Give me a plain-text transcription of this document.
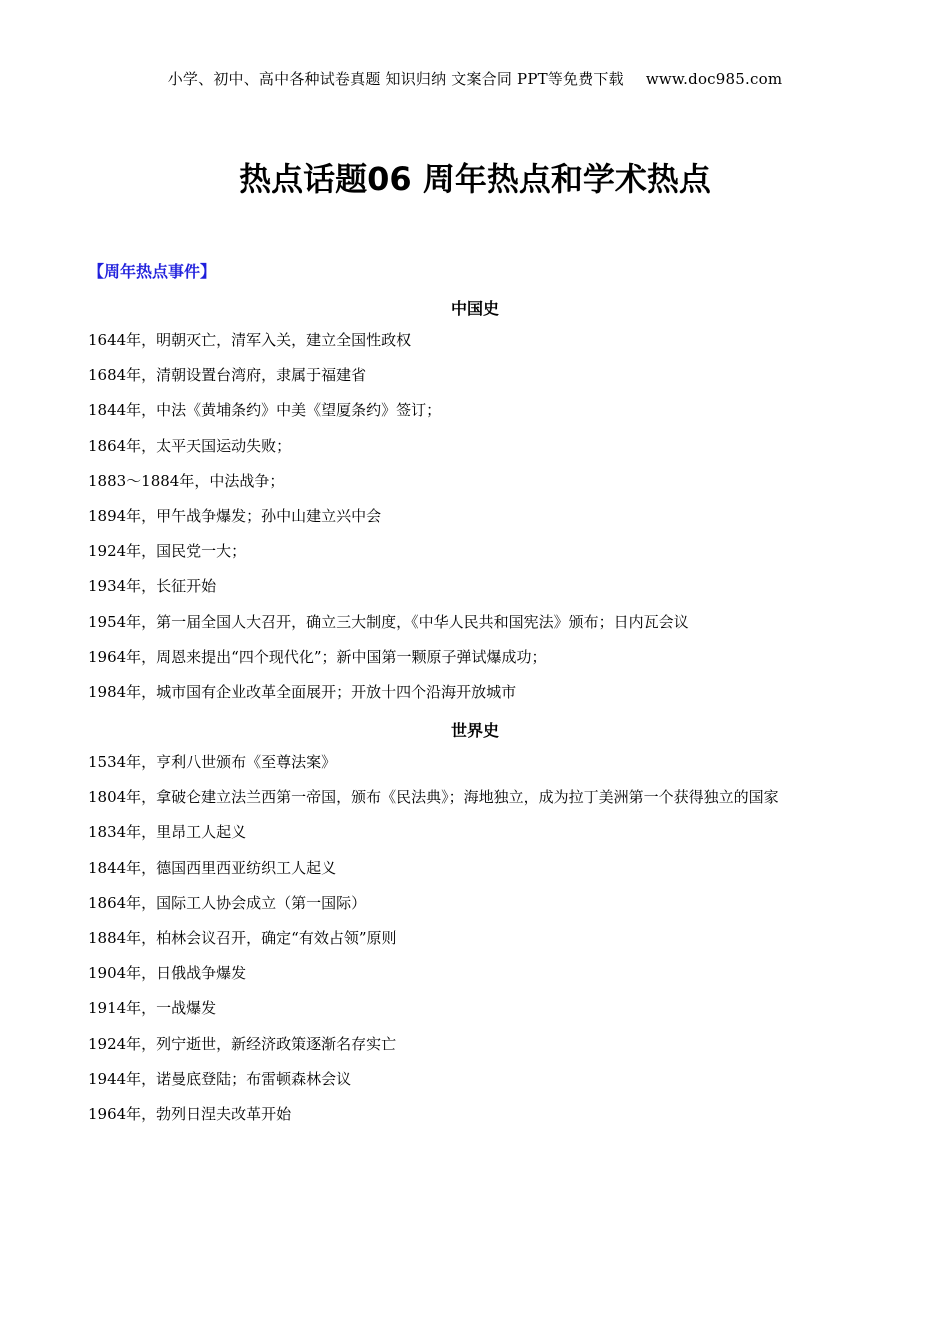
小学、初中、高中各种试卷真题 知识归纳 文案合同 PPT等免费下载 www.doc985.com
热点话题06 周年热点和学术热点
【周年热点事件】
中国史
1644年，明朝灭亡，清军入关，建立全国性政权
1684年，清朝设置台湾府，隶属于福建省
1844年，中法《黄埔条约》中美《望厦条约》签订；
1864年，太平天国运动失败；
1883～1884年，中法战争；
1894年，甲午战争爆发；孙中山建立兴中会
1924年，国民党一大；
1934年，长征开始
1954年，第一届全国人大召开，确立三大制度，《中华人民共和国宪法》颁布；日内瓦会议
1964年，周恩来提出“四个现代化”；新中国第一颗原子弹试爆成功；
1984年，城市国有企业改革全面展开；开放十四个沿海开放城市
世界史
1534年，亨利八世颁布《至尊法案》
1804年，拿破仑建立法兰西第一帝国，颁布《民法典》；海地独立，成为拉丁美洲第一个获得独立的国家
1834年，里昂工人起义
1844年，德国西里西亚纺织工人起义
1864年，国际工人协会成立（第一国际）
1884年，柏林会议召开，确定“有效占领”原则
1904年，日俄战争爆发
1914年，一战爆发
1924年，列宁逝世，新经济政策逐渐名存实亡
1944年，诺曼底登陆；布雷顿森林会议
1964年，勃列日涅夫改革开始
